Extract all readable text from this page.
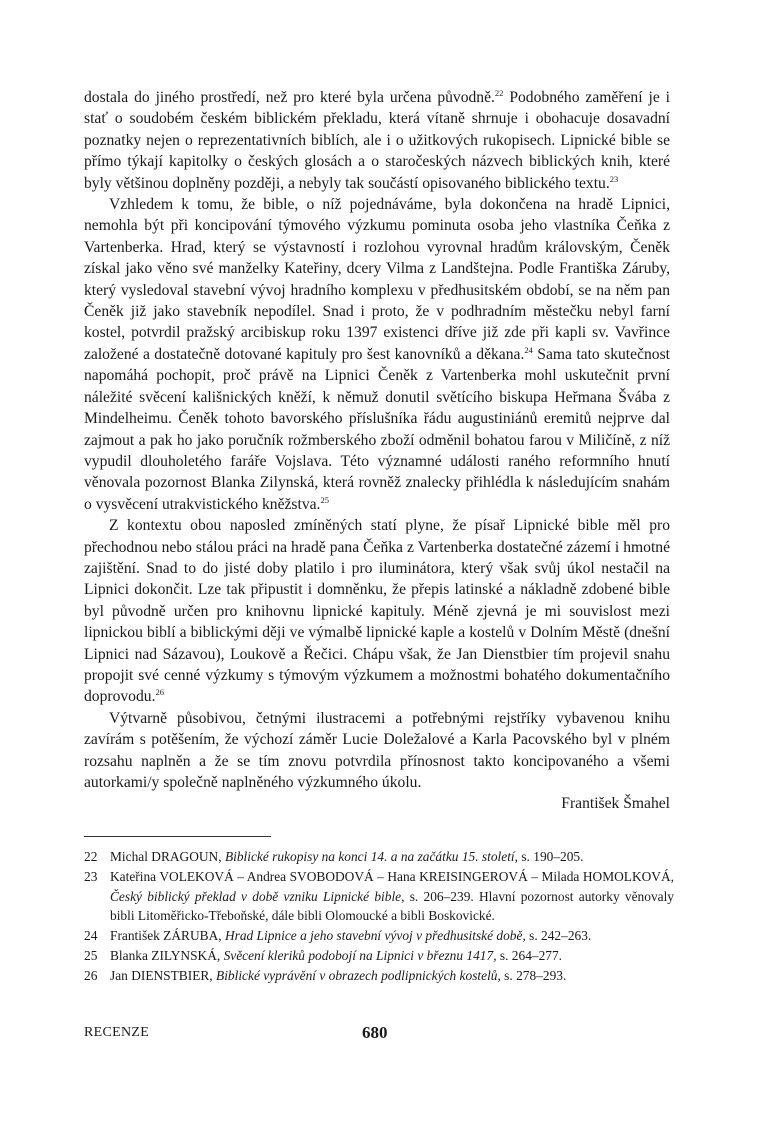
dostala do jiného prostředí, než pro které byla určena původně.$^{22}$ Podobného zaměření je i stať o soudobém českém biblickém překladu, která vítaně shrnuje i obohacuje dosavadní poznatky nejen o reprezentativních biblích, ale i o užitkových rukopisech. Lipnické bible se přímo týkají kapitolky o českých glosách a o staročeských názvech biblických knih, které byly většinou doplněny později, a nebyly tak součástí opisovaného biblického textu.$^{23}$

Vzhledem k tomu, že bible, o níž pojednáváme, byla dokončena na hradě Lipnici, nemohla být při koncipování týmového výzkumu pominuta osoba jeho vlastníka Čeňka z Vartenberka. Hrad, který se výstavností i rozlohou vyrovnal hradům královským, Čeněk získal jako věno své manželky Kateřiny, dcery Vilma z Landštejna. Podle Františka Záruby, který vysledoval stavební vývoj hradního komplexu v předhusitském období, se na něm pan Čeněk již jako stavebník nepodílel. Snad i proto, že v podhradním městečku nebyl farní kostel, potvrdil pražský arcibiskup roku 1397 existenci dříve již zde při kapli sv. Vavřince založené a dostatečně dotované kapituly pro šest kanovníků a děkana.$^{24}$ Sama tato skutečnost napomáhá pochopit, proč právě na Lipnici Čeněk z Vartenberka mohl uskutečnit první náležité svěcení kališnických kněží, k němuž donutil světícího biskupa Heřmana Švába z Mindelheimu. Čeněk tohoto bavorského příslušníka řádu augustiniánů eremitů nejprve dal zajmout a pak ho jako poručník rožmberského zboží odměnil bohatou farou v Miličíně, z níž vypudil dlouholetého faráře Vojslava. Této významné události raného reformního hnutí věnovala pozornost Blanka Zilynská, která rovněž znalecky přihlédla k následujícím snahám o vysvěcení utrakvistického kněžstva.$^{25}$

Z kontextu obou naposled zmíněných statí plyne, že písař Lipnické bible měl pro přechodnou nebo stálou práci na hradě pana Čeňka z Vartenberka dostatečné zázemí i hmotné zajištění. Snad to do jisté doby platilo i pro iluminátora, který však svůj úkol nestačil na Lipnici dokončit. Lze tak připustit i domněnku, že přepis latinské a nákladně zdobené bible byl původně určen pro knihovnu lipnické kapituly. Méně zjevná je mi souvislost mezi lipnickou biblí a biblickými ději ve výmalbě lipnické kaple a kostelů v Dolním Městě (dnešní Lipnici nad Sázavou), Loukově a Řečici. Chápu však, že Jan Dienstbier tím projevil snahu propojit své cenné výzkumy s týmovým výzkumem a možnostmi bohatého dokumentačního doprovodu.$^{26}$

Výtvarně působivou, četnými ilustracemi a potřebnými rejstříky vybavenou knihu zavírám s potěšením, že výchozí záměr Lucie Doležalové a Karla Pacovského byl v plném rozsahu naplněn a že se tím znovu potvrdila přínosnost takto koncipovaného a všemi autorkami/y společně naplněného výzkumného úkolu.

František Šmahel
22 Michal DRAGOUN, Biblické rukopisy na konci 14. a na začátku 15. století, s. 190–205.
23 Kateřina VOLEKOVÁ – Andrea SVOBODOVÁ – Hana KREISINGEROVÁ – Milada HOMOLKOVÁ, Český biblický překlad v době vzniku Lipnické bible, s. 206–239. Hlavní pozornost autorky věnovaly bibli Litoměřicko-Třeboňské, dále bibli Olomoucké a bibli Boskovické.
24 František ZÁRUBA, Hrad Lipnice a jeho stavební vývoj v předhusitské době, s. 242–263.
25 Blanka ZILYNSKÁ, Svěcení kleriků podobojí na Lipnici v březnu 1417, s. 264–277.
26 Jan DIENSTBIER, Biblické vyprávění v obrazech podlipnických kostelů, s. 278–293.
RECENZE	680
